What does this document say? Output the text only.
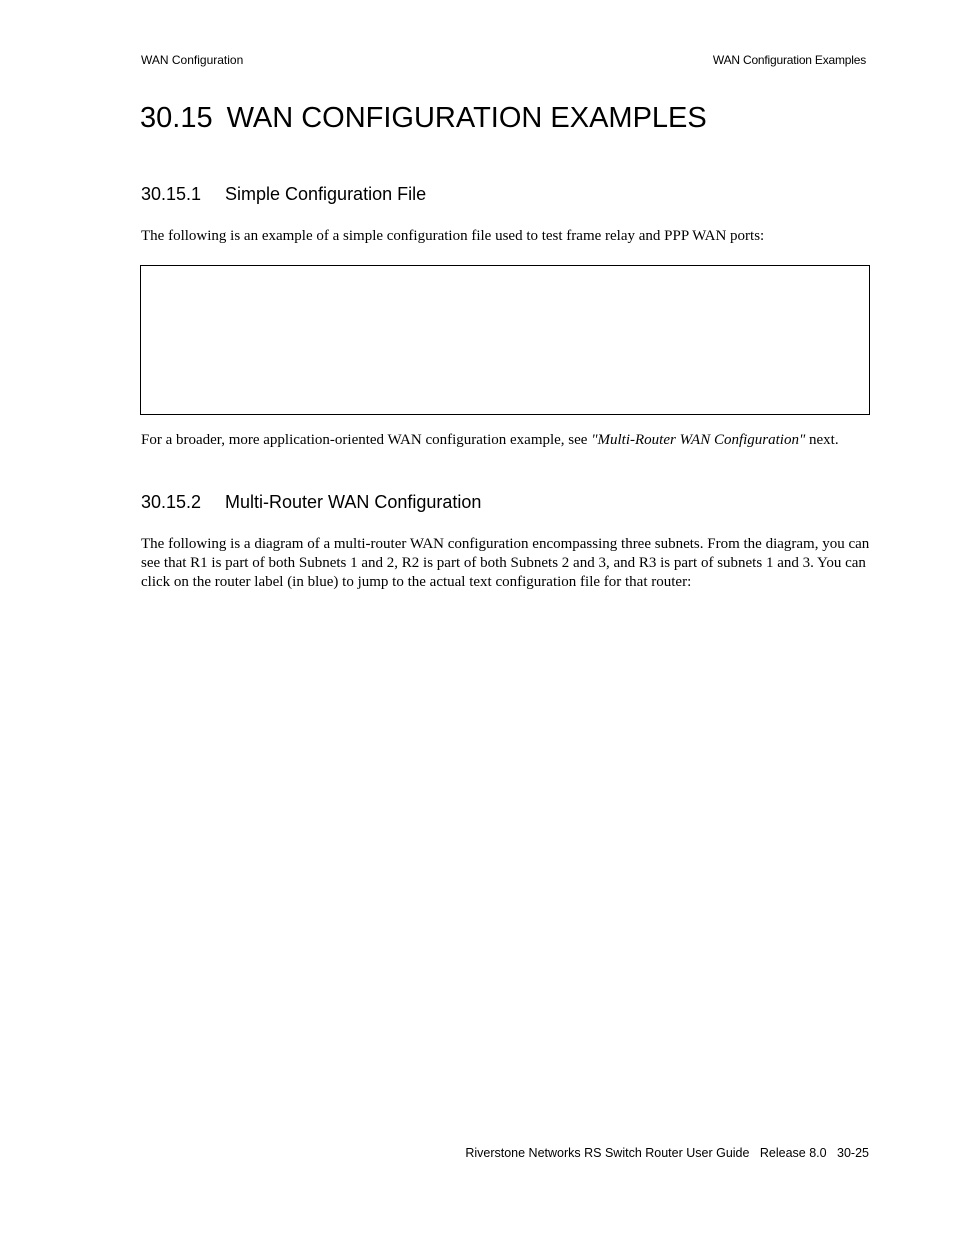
WAN Configuration	WAN Configuration Examples
30.15 WAN CONFIGURATION EXAMPLES
30.15.1 Simple Configuration File

The following is an example of a simple configuration file used to test frame relay and PPP WAN ports:

For a broader, more application-oriented WAN configuration example, see "Multi-Router WAN Configuration" next.

30.15.2 Multi-Router WAN Configuration

The following is a diagram of a multi-router WAN configuration encompassing three subnets. From the diagram, you can see that R1 is part of both Subnets 1 and 2, R2 is part of both Subnets 2 and 3, and R3 is part of subnets 1 and 3. You can click on the router label (in blue) to jump to the actual text configuration file for that router:

Riverstone Networks RS Switch Router User Guide Release 8.0 30-25
